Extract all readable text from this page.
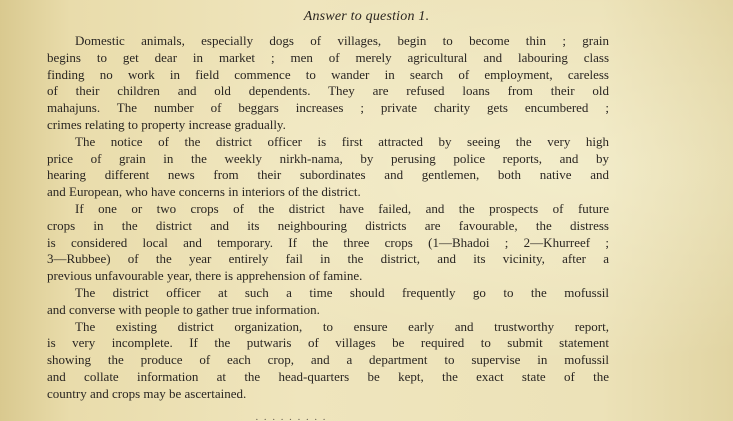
Answer to question 1.
Domestic animals, especially dogs of villages, begin to become thin ; grain
begins to get dear in market ; men of merely agricultural and labouring class
finding no work in field commence to wander in search of employment, careless
of their children and old dependents. They are refused loans from their old
mahajuns. The number of beggars increases ; private charity gets encumbered ;
crimes relating to property increase gradually.
The notice of the district officer is first attracted by seeing the very high
price of grain in the weekly nirkh-nama, by perusing police reports, and by
hearing different news from their subordinates and gentlemen, both native and
and European, who have concerns in interiors of the district.
If one or two crops of the district have failed, and the prospects of future
crops in the district and its neighbouring districts are favourable, the distress
is considered local and temporary. If the three crops (1—Bhadoi ; 2—Khurreef ;
3—Rubbee) of the year entirely fail in the district, and its vicinity, after a
previous unfavourable year, there is apprehension of famine.
The district officer at such a time should frequently go to the mofussil
and converse with people to gather true information.
The existing district organization, to ensure early and trustworthy report,
is very incomplete. If the putwaris of villages be required to submit statement
showing the produce of each crop, and a department to supervise in mofussil
and collate information at the head-quarters be kept, the exact state of the
country and crops may be ascertained.
· · · · · · · · ·
